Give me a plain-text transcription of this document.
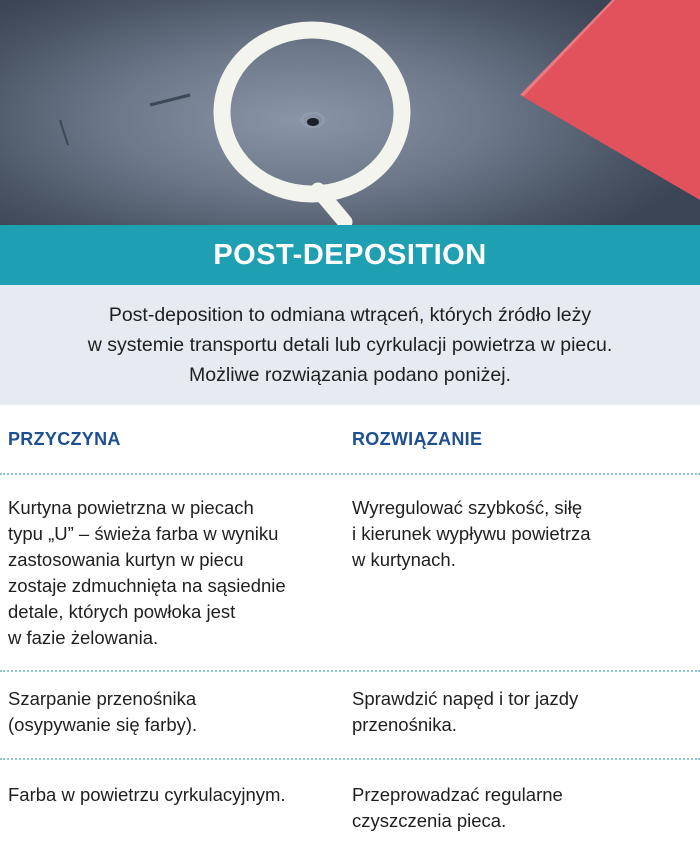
POST-DEPOSITION

Post-deposition to odmiana wtrąceń, których źródło leży
w systemie transportu detali lub cyrkulacji powietrza w piecu.
Możliwe rozwiązania podano poniżej.

PRZYCZYNA	ROZWIĄZANIE
Kurtyna powietrzna w piecach
typu „U” – świeża farba w wyniku
zastosowania kurtyn w piecu
zostaje zdmuchnięta na sąsiednie
detale, których powłoka jest
w fazie żelowania.
Wyregulować szybkość, siłę
i kierunek wypływu powietrza
w kurtynach.
Szarpanie przenośnika
(osypywanie się farby).
Sprawdzić napęd i tor jazdy
przenośnika.
Farba w powietrzu cyrkulacyjnym.	Przeprowadzać regularne
czyszczenia pieca.
